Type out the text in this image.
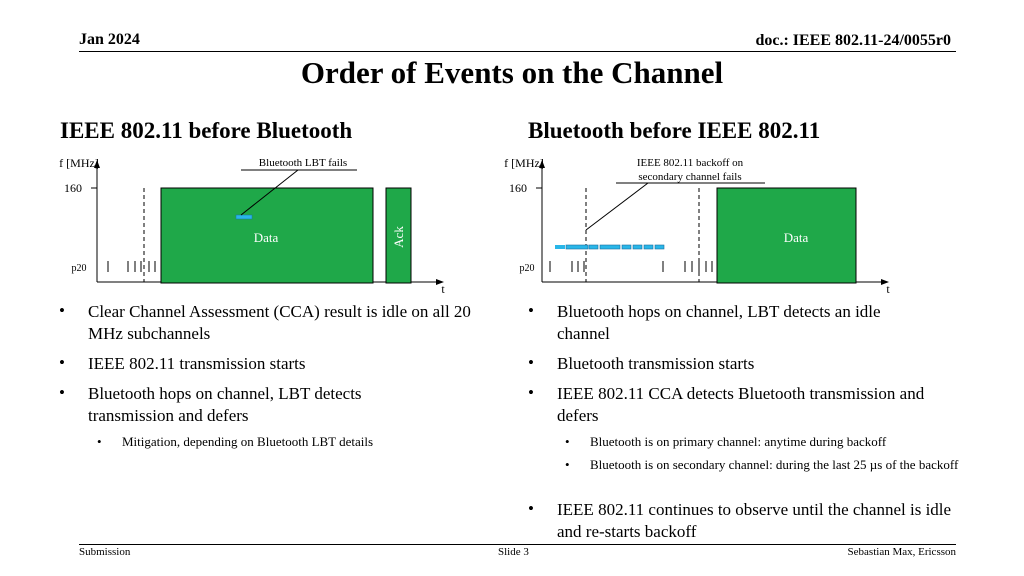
Jan 2024	doc.: IEEE 802.11-24/0055r0
Order of Events on the Channel
IEEE 802.11 before Bluetooth	Bluetooth before IEEE 802.11
f [MHz]
160
p20
t
Data	Ack
Bluetooth LBT fails	f [MHz]
160
p20
t
Data
IEEE 802.11 backoff on
secondary channel fails
• Clear Channel Assessment (CCA) result is idle on all 20 MHz subchannels
• IEEE 802.11 transmission starts
• Bluetooth hops on channel, LBT detects transmission and defers
• Mitigation, depending on Bluetooth LBT details
• Bluetooth hops on channel, LBT detects an idle channel
• Bluetooth transmission starts
• IEEE 802.11 CCA detects Bluetooth transmission and defers
• Bluetooth is on primary channel: anytime during backoff
• Bluetooth is on secondary channel: during the last 25 µs of the backoff
• IEEE 802.11 continues to observe until the channel is idle and re-starts backoff
Submission	Slide 3	Sebastian Max, Ericsson
